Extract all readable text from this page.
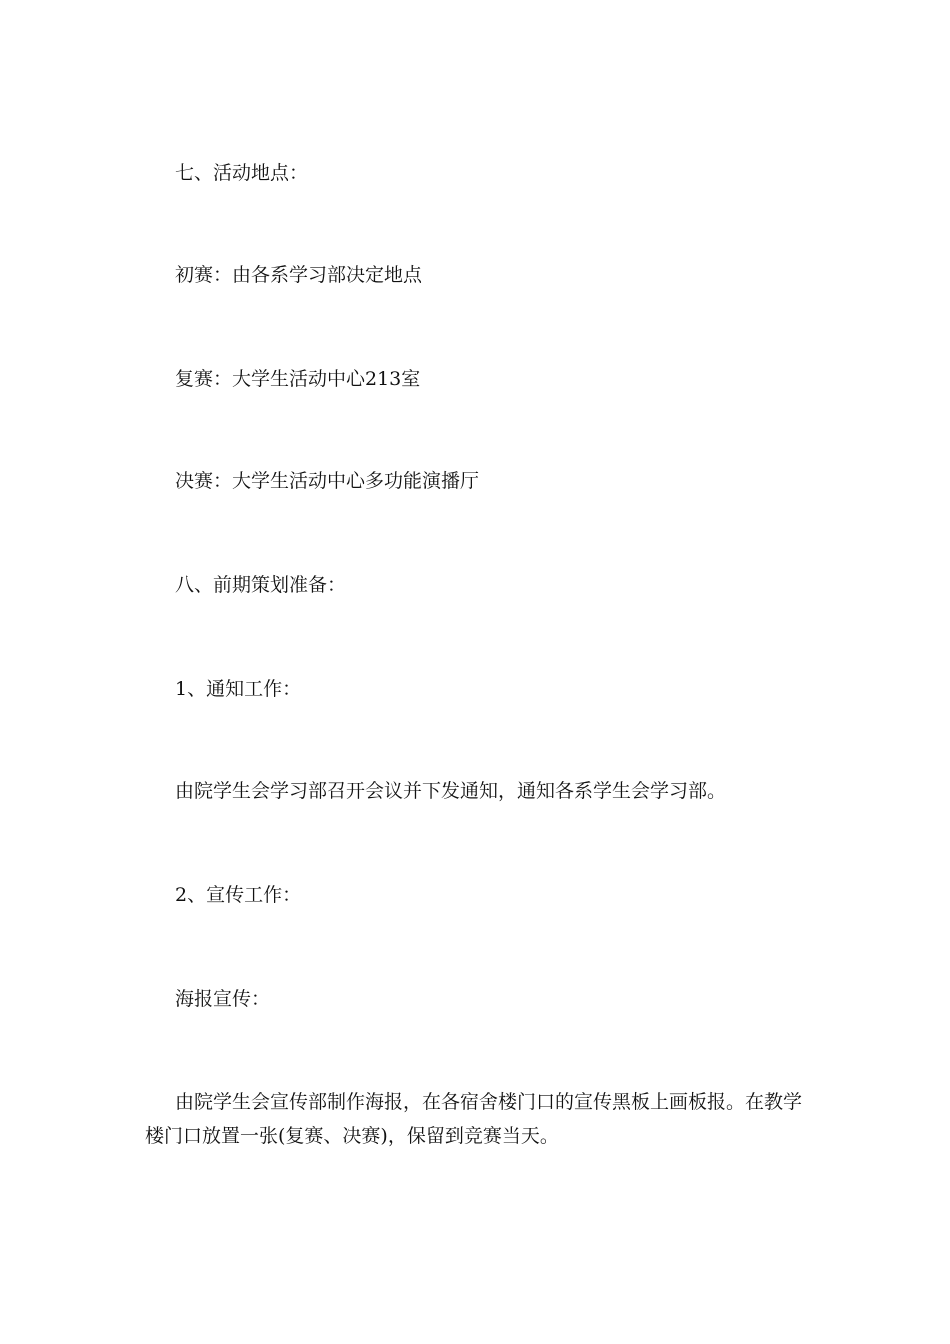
七、活动地点：

初赛：由各系学习部决定地点

复赛：大学生活动中心213室

决赛：大学生活动中心多功能演播厅

八、前期策划准备：

1、通知工作：

由院学生会学习部召开会议并下发通知，通知各系学生会学习部。

2、宣传工作：

海报宣传：

由院学生会宣传部制作海报，在各宿舍楼门口的宣传黑板上画板报。在教学楼门口放置一张(复赛、决赛)，保留到竞赛当天。
